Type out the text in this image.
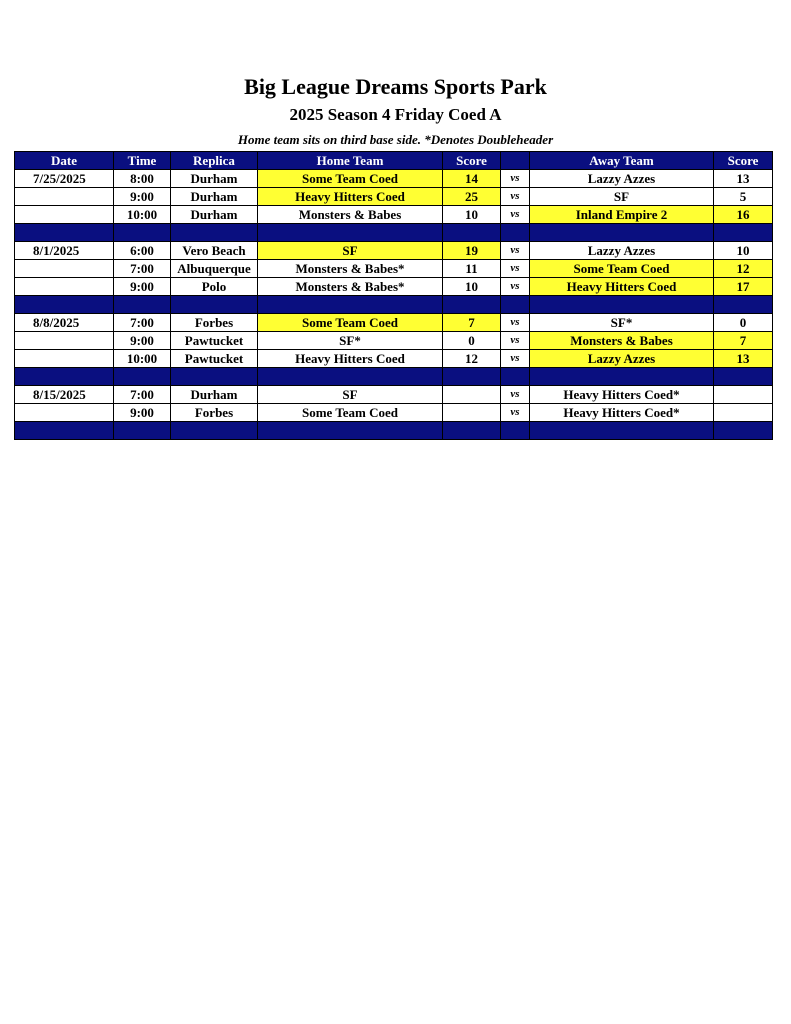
Big League Dreams Sports Park
2025 Season 4 Friday Coed A
Home team sits on third base side. *Denotes Doubleheader
Date	Time	Replica	Home Team	Score		Away Team	Score
7/25/2025	8:00	Durham	Some Team Coed	14	vs	Lazzy Azzes	13
	9:00	Durham	Heavy Hitters Coed	25	vs	SF	5
	10:00	Durham	Monsters & Babes	10	vs	Inland Empire 2	16

8/1/2025	6:00	Vero Beach	SF	19	vs	Lazzy Azzes	10
	7:00	Albuquerque	Monsters & Babes*	11	vs	Some Team Coed	12
	9:00	Polo	Monsters & Babes*	10	vs	Heavy Hitters Coed	17

8/8/2025	7:00	Forbes	Some Team Coed	7	vs	SF*	0
	9:00	Pawtucket	SF*	0	vs	Monsters & Babes	7
	10:00	Pawtucket	Heavy Hitters Coed	12	vs	Lazzy Azzes	13

8/15/2025	7:00	Durham	SF		vs	Heavy Hitters Coed*	
	9:00	Forbes	Some Team Coed		vs	Heavy Hitters Coed*	
